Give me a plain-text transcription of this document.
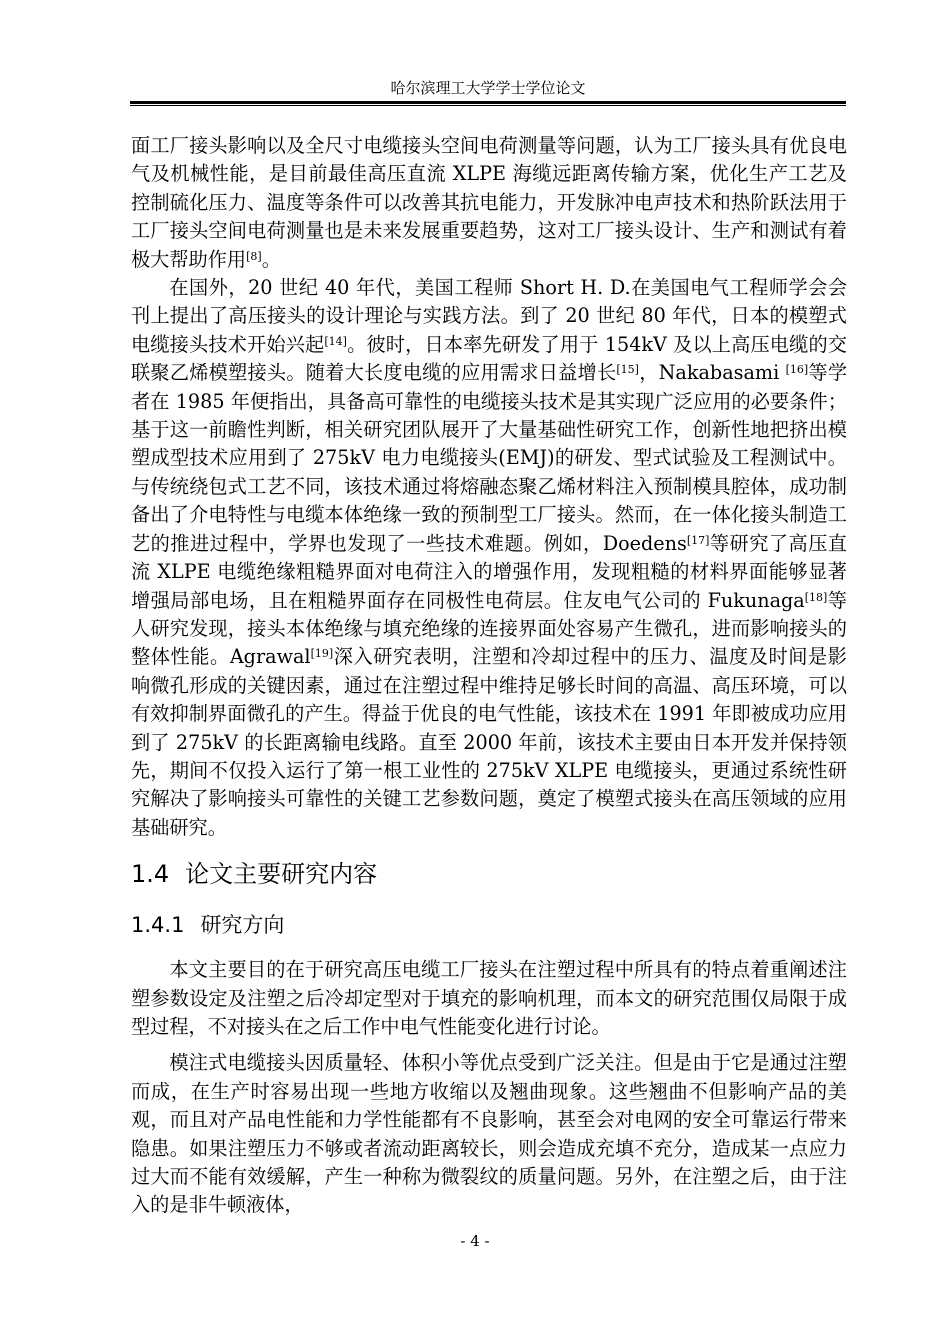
哈尔滨理工大学学士学位论文

面工厂接头影响以及全尺寸电缆接头空间电荷测量等问题，认为工厂接头具有优良电气及机械性能，是目前最佳高压直流 XLPE 海缆远距离传输方案，优化生产工艺及控制硫化压力、温度等条件可以改善其抗电能力，开发脉冲电声技术和热阶跃法用于工厂接头空间电荷测量也是未来发展重要趋势，这对工厂接头设计、生产和测试有着极大帮助作用[8]。

在国外，20 世纪 40 年代，美国工程师 Short H. D.在美国电气工程师学会会刊上提出了高压接头的设计理论与实践方法。到了 20 世纪 80 年代，日本的模塑式电缆接头技术开始兴起[14]。彼时，日本率先研发了用于 154kV 及以上高压电缆的交联聚乙烯模塑接头。随着大长度电缆的应用需求日益增长[15]，Nakabasami [16]等学者在 1985 年便指出，具备高可靠性的电缆接头技术是其实现广泛应用的必要条件；基于这一前瞻性判断，相关研究团队展开了大量基础性研究工作，创新性地把挤出模塑成型技术应用到了 275kV 电力电缆接头(EMJ)的研发、型式试验及工程测试中。与传统绕包式工艺不同，该技术通过将熔融态聚乙烯材料注入预制模具腔体，成功制备出了介电特性与电缆本体绝缘一致的预制型工厂接头。然而，在一体化接头制造工艺的推进过程中，学界也发现了一些技术难题。例如，Doedens[17]等研究了高压直流 XLPE 电缆绝缘粗糙界面对电荷注入的增强作用，发现粗糙的材料界面能够显著增强局部电场，且在粗糙界面存在同极性电荷层。住友电气公司的 Fukunaga[18]等人研究发现，接头本体绝缘与填充绝缘的连接界面处容易产生微孔，进而影响接头的整体性能。Agrawal[19]深入研究表明，注塑和冷却过程中的压力、温度及时间是影响微孔形成的关键因素，通过在注塑过程中维持足够长时间的高温、高压环境，可以有效抑制界面微孔的产生。得益于优良的电气性能，该技术在 1991 年即被成功应用到了 275kV 的长距离输电线路。直至 2000 年前，该技术主要由日本开发并保持领先，期间不仅投入运行了第一根工业性的 275kV XLPE 电缆接头，更通过系统性研究解决了影响接头可靠性的关键工艺参数问题，奠定了模塑式接头在高压领域的应用基础研究。

1.4 论文主要研究内容
1.4.1 研究方向

本文主要目的在于研究高压电缆工厂接头在注塑过程中所具有的特点着重阐述注塑参数设定及注塑之后冷却定型对于填充的影响机理，而本文的研究范围仅局限于成型过程，不对接头在之后工作中电气性能变化进行讨论。

模注式电缆接头因质量轻、体积小等优点受到广泛关注。但是由于它是通过注塑而成，在生产时容易出现一些地方收缩以及翘曲现象。这些翘曲不但影响产品的美观，而且对产品电性能和力学性能都有不良影响，甚至会对电网的安全可靠运行带来隐患。如果注塑压力不够或者流动距离较长，则会造成充填不充分，造成某一点应力过大而不能有效缓解，产生一种称为微裂纹的质量问题。另外，在注塑之后，由于注入的是非牛顿液体，

- 4 -
